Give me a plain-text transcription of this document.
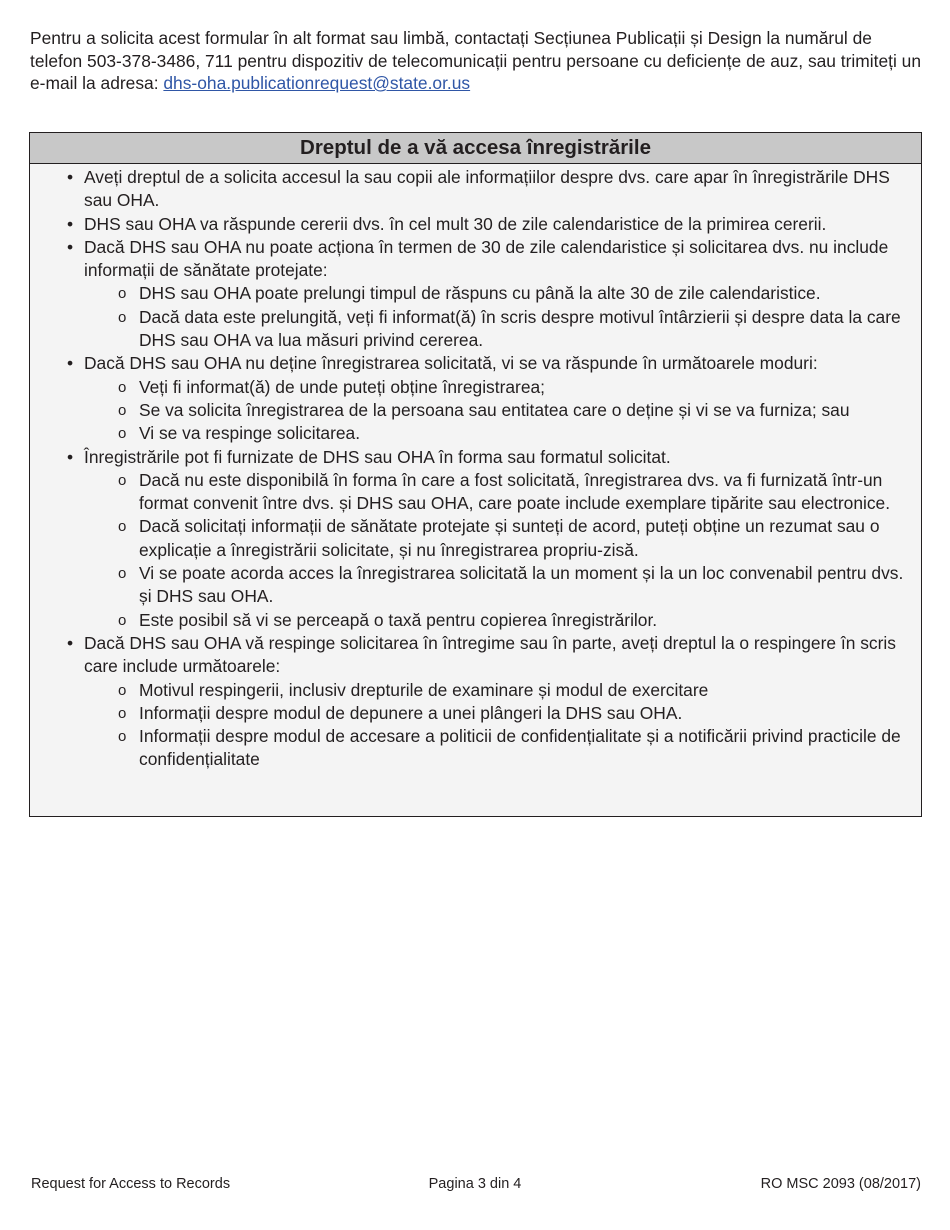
Pentru a solicita acest formular în alt format sau limbă, contactați Secțiunea Publicații și Design la numărul de telefon 503-378-3486, 711 pentru dispozitiv de telecomunicații pentru persoane cu deficiențe de auz, sau trimiteți un e-mail la adresa: dhs-oha.publicationrequest@state.or.us
Dreptul de a vă accesa înregistrările
• Aveți dreptul de a solicita accesul la sau copii ale informațiilor despre dvs. care apar în înregistrările DHS sau OHA.
• DHS sau OHA va răspunde cererii dvs. în cel mult 30 de zile calendaristice de la primirea cererii.
• Dacă DHS sau OHA nu poate acționa în termen de 30 de zile calendaristice și solicitarea dvs. nu include informații de sănătate protejate:
o DHS sau OHA poate prelungi timpul de răspuns cu până la alte 30 de zile calendaristice.
o Dacă data este prelungită, veți fi informat(ă) în scris despre motivul întârzierii și despre data la care DHS sau OHA va lua măsuri privind cererea.
• Dacă DHS sau OHA nu deține înregistrarea solicitată, vi se va răspunde în următoarele moduri:
o Veți fi informat(ă) de unde puteți obține înregistrarea;
o Se va solicita înregistrarea de la persoana sau entitatea care o deține și vi se va furniza; sau
o Vi se va respinge solicitarea.
• Înregistrările pot fi furnizate de DHS sau OHA în forma sau formatul solicitat.
o Dacă nu este disponibilă în forma în care a fost solicitată, înregistrarea dvs. va fi furnizată într-un format convenit între dvs. și DHS sau OHA, care poate include exemplare tipărite sau electronice.
o Dacă solicitați informații de sănătate protejate și sunteți de acord, puteți obține un rezumat sau o explicație a înregistrării solicitate, și nu înregistrarea propriu-zisă.
o Vi se poate acorda acces la înregistrarea solicitată la un moment și la un loc convenabil pentru dvs. și DHS sau OHA.
o Este posibil să vi se perceapă o taxă pentru copierea înregistrărilor.
• Dacă DHS sau OHA vă respinge solicitarea în întregime sau în parte, aveți dreptul la o respingere în scris care include următoarele:
o Motivul respingerii, inclusiv drepturile de examinare și modul de exercitare
o Informații despre modul de depunere a unei plângeri la DHS sau OHA.
o Informații despre modul de accesare a politicii de confidențialitate și a notificării privind practicile de confidențialitate
Request for Access to Records	Pagina 3 din 4	RO MSC 2093 (08/2017)
